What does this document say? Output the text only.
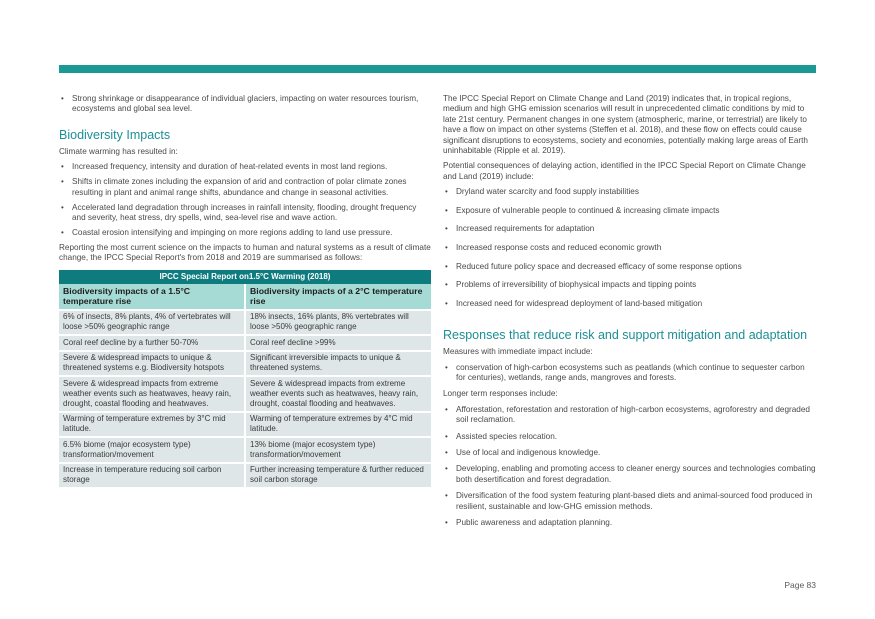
• Strong shrinkage or disappearance of individual glaciers, impacting on water resources tourism, ecosystems and global sea level.
Biodiversity Impacts
Climate warming has resulted in:
• Increased frequency, intensity and duration of heat-related events in most land regions.
• Shifts in climate zones including the expansion of arid and contraction of polar climate zones resulting in plant and animal range shifts, abundance and change in seasonal activities.
• Accelerated land degradation through increases in rainfall intensity, flooding, drought frequency and severity, heat stress, dry spells, wind, sea-level rise and wave action.
• Coastal erosion intensifying and impinging on more regions adding to land use pressure.
Reporting the most current science on the impacts to human and natural systems as a result of climate change, the IPCC Special Report's from 2018 and 2019 are summarised as follows:
IPCC Special Report on1.5°C Warming (2018)	
Biodiversity impacts of a 1.5°C temperature rise	Biodiversity impacts of a 2°C temperature rise
6% of insects, 8% plants, 4% of vertebrates will loose >50% geographic range	18% insects, 16% plants, 8% vertebrates will loose >50% geographic range
Coral reef decline by a further 50-70%	Coral reef decline >99%
Severe & widespread impacts to unique & threatened systems e.g. Biodiversity hotspots	Significant irreversible impacts to unique & threatened systems.
Severe & widespread impacts from extreme weather events such as heatwaves, heavy rain, drought, coastal flooding and heatwaves.	Severe & widespread impacts from extreme weather events such as heatwaves, heavy rain, drought, coastal flooding and heatwaves.
Warming of temperature extremes by 3°C mid latitude.	Warming of temperature extremes by 4°C mid latitude.
6.5% biome (major ecosystem type) transformation/movement	13% biome (major ecosystem type) transformation/movement
Increase in temperature reducing soil carbon storage	Further increasing temperature & further reduced soil carbon storage
The IPCC Special Report on Climate Change and Land (2019) indicates that, in tropical regions, medium and high GHG emission scenarios will result in unprecedented climatic conditions by mid to late 21st century. Permanent changes in one system (atmospheric, marine, or terrestrial) are likely to have a flow on impact on other systems (Steffen et al. 2018), and these flow on effects could cause significant disruptions to ecosystems, society and economies, potentially making large areas of Earth uninhabitable (Ripple et al. 2019).
Potential consequences of delaying action, identified in the IPCC Special Report on Climate Change and Land (2019) include:
• Dryland water scarcity and food supply instabilities
• Exposure of vulnerable people to continued & increasing climate impacts
• Increased requirements for adaptation
• Increased response costs and reduced economic growth
• Reduced future policy space and decreased efficacy of some response options
• Problems of irreversibility of biophysical impacts and tipping points
• Increased need for widespread deployment of land-based mitigation
Responses that reduce risk and support mitigation and adaptation
Measures with immediate impact include:
• conservation of high-carbon ecosystems such as peatlands (which continue to sequester carbon for centuries), wetlands, range ands, mangroves and forests.
Longer term responses include:
• Afforestation, reforestation and restoration of high-carbon ecosystems, agroforestry and degraded soil reclamation.
• Assisted species relocation.
• Use of local and indigenous knowledge.
• Developing, enabling and promoting access to cleaner energy sources and technologies combating both desertification and forest degradation.
• Diversification of the food system featuring plant-based diets and animal-sourced food produced in resilient, sustainable and low-GHG emission methods.
• Public awareness and adaptation planning.
Page 83
